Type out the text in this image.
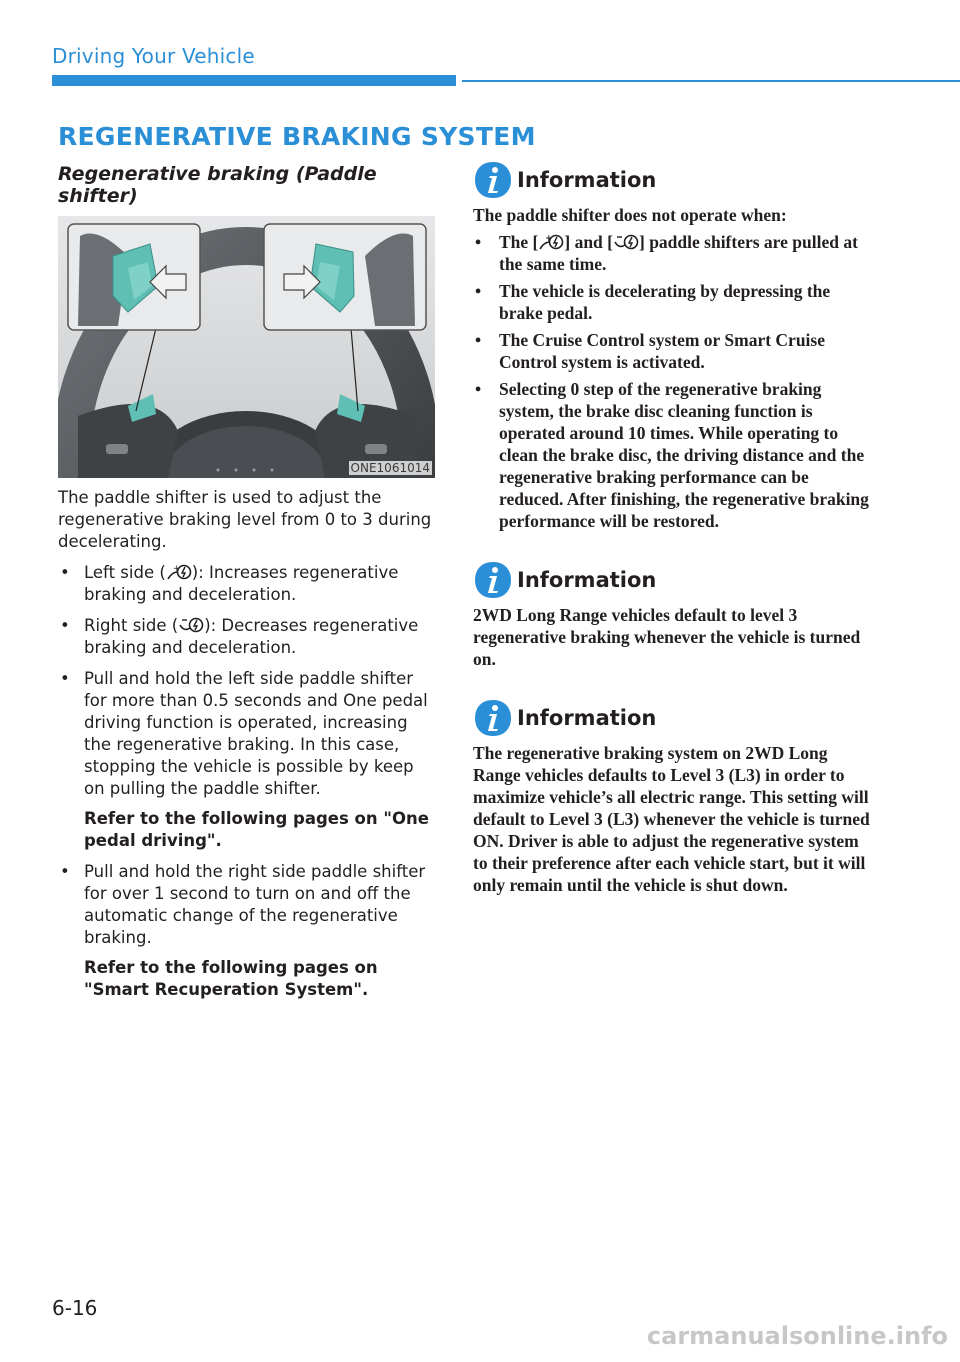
Driving Your Vehicle
REGENERATIVE BRAKING SYSTEM
Regenerative braking (Paddle shifter)
ONE1061014

The paddle shifter is used to adjust the regenerative braking level from 0 to 3 during decelerating.

• Left side ( + ): Increases regenerative braking and deceleration.
• Right side ( ): Decreases regenerative braking and deceleration.
• Pull and hold the left side paddle shifter for more than 0.5 seconds and One pedal driving function is operated, increasing the regenerative braking. In this case, stopping the vehicle is possible by keep on pulling the paddle shifter.
Refer to the following pages on "One pedal driving".
• Pull and hold the right side paddle shifter for over 1 second to turn on and off the automatic change of the regenerative braking.
Refer to the following pages on "Smart Recuperation System".
Information

The paddle shifter does not operate when:

• The [ + ] and [ ] paddle shifters are pulled at the same time.
• The vehicle is decelerating by depressing the brake pedal.
• The Cruise Control system or Smart Cruise Control system is activated.
• Selecting 0 step of the regenerative braking system, the brake disc cleaning function is operated around 10 times. While operating to clean the brake disc, the driving distance and the regenerative braking performance can be reduced. After finishing, the regenerative braking performance will be restored.
Information

2WD Long Range vehicles default to level 3 regenerative braking whenever the vehicle is turned on.

Information

The regenerative braking system on 2WD Long Range vehicles defaults to Level 3 (L3) in order to maximize vehicle’s all electric range. This setting will default to Level 3 (L3) whenever the vehicle is turned ON. Driver is able to adjust the regenerative system to their preference after each vehicle start, but it will only remain until the vehicle is shut down.

6-16
carmanualsonline.info
